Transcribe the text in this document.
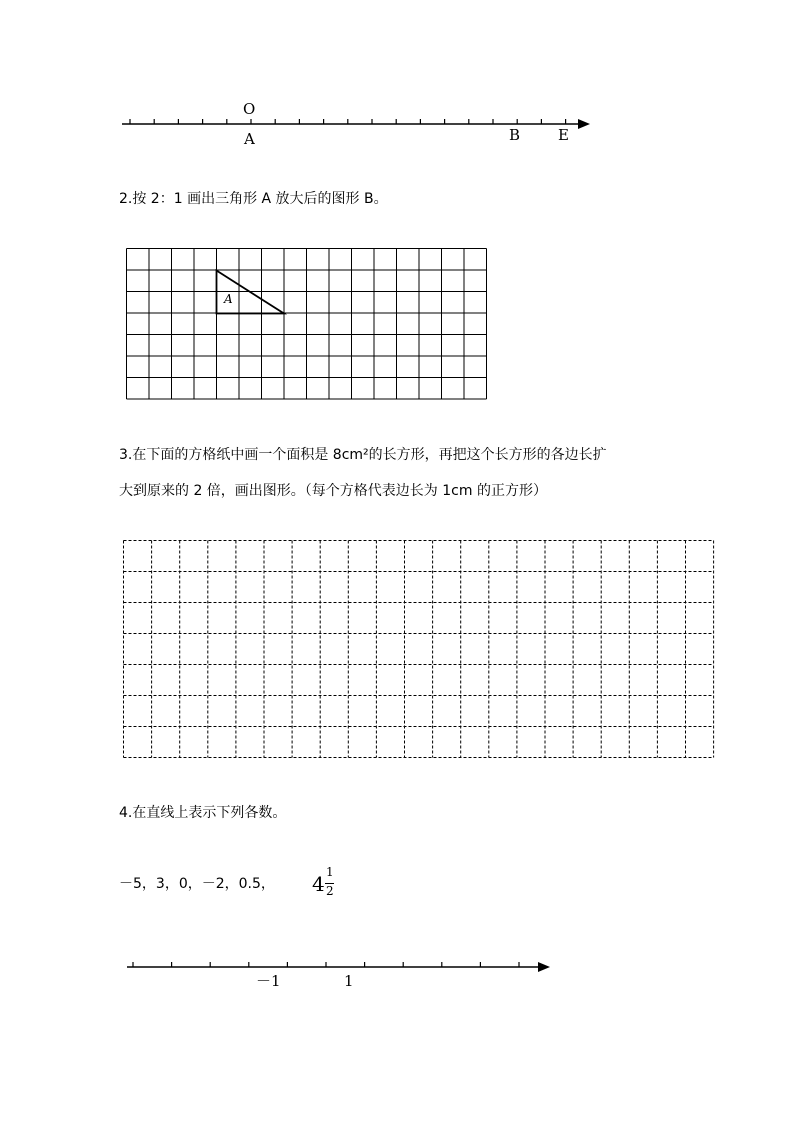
O
A	B	E
2.按 2：1 画出三角形 A 放大后的图形 B。
A
3.在下面的方格纸中画一个面积是 8cm²的长方形，再把这个长方形的各边长扩
大到原来的 2 倍，画出图形。（每个方格代表边长为 1cm 的正方形）
4.在直线上表示下列各数。
－5，3，0，－2，0.5， 4 1
2
－1	1
